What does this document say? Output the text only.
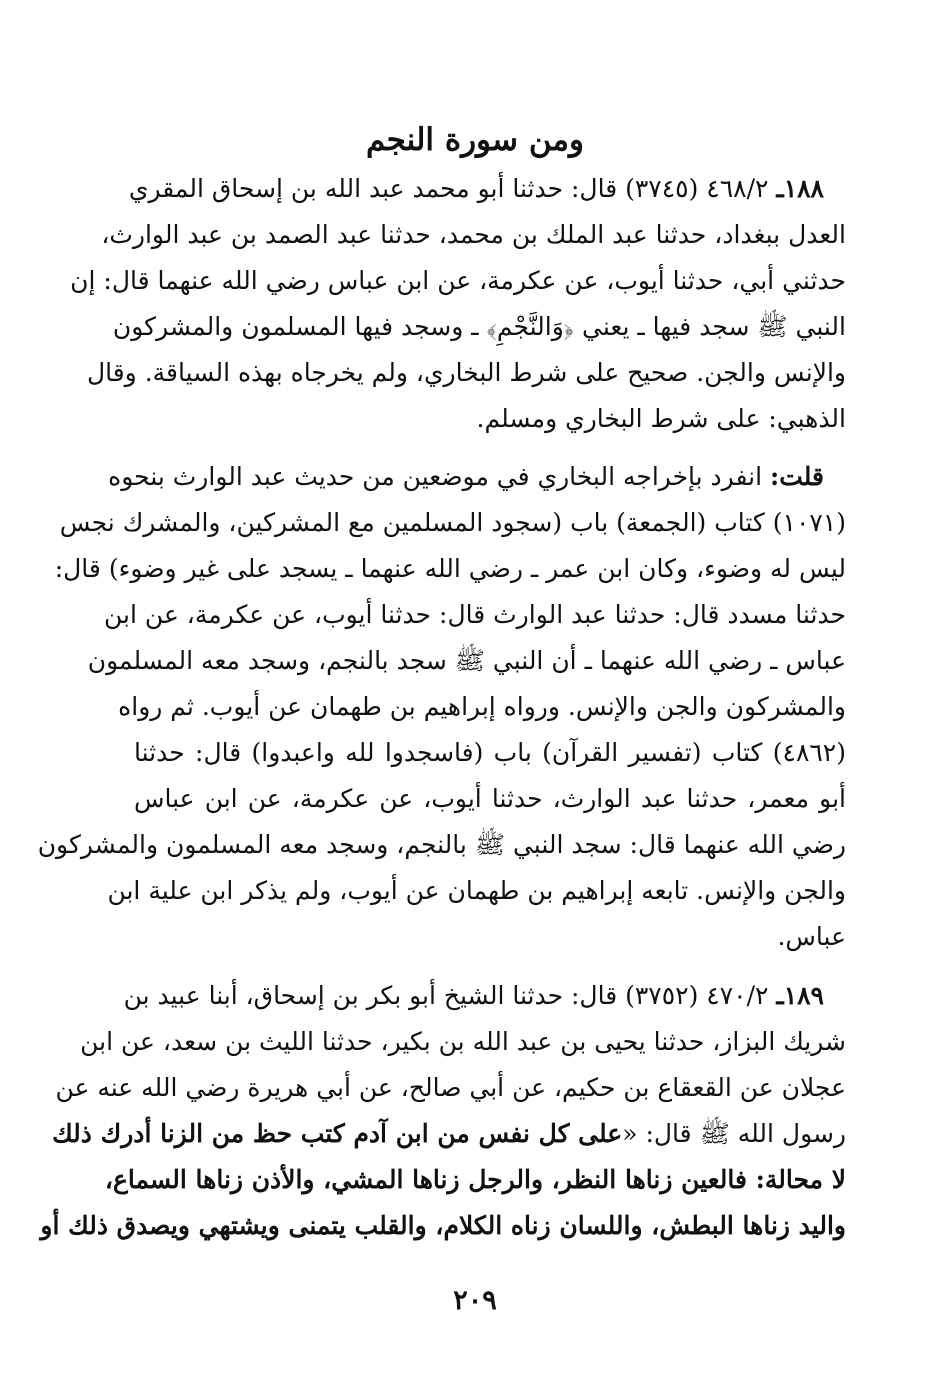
ومن سورة النجم
١٨٨ـ ٤٦٨/٢ (٣٧٤٥) قال: حدثنا أبو محمد عبد الله بن إسحاق المقري
العدل ببغداد، حدثنا عبد الملك بن محمد، حدثنا عبد الصمد بن عبد الوارث،
حدثني أبي، حدثنا أيوب، عن عكرمة، عن ابن عباس رضي الله عنهما قال: إن
النبي ﷺ سجد فيها ـ يعني ﴿وَالنَّجْمِ﴾ ـ وسجد فيها المسلمون والمشركون
والإنس والجن. صحيح على شرط البخاري، ولم يخرجاه بهذه السياقة. وقال
الذهبي: على شرط البخاري ومسلم.
قلت: انفرد بإخراجه البخاري في موضعين من حديث عبد الوارث بنحوه
(١٠٧١) كتاب (الجمعة) باب (سجود المسلمين مع المشركين، والمشرك نجس
ليس له وضوء، وكان ابن عمر ـ رضي الله عنهما ـ يسجد على غير وضوء) قال:
حدثنا مسدد قال: حدثنا عبد الوارث قال: حدثنا أيوب، عن عكرمة، عن ابن
عباس ـ رضي الله عنهما ـ أن النبي ﷺ سجد بالنجم، وسجد معه المسلمون
والمشركون والجن والإنس. ورواه إبراهيم بن طهمان عن أيوب. ثم رواه
(٤٨٦٢) كتاب (تفسير القرآن) باب (فاسجدوا لله واعبدوا) قال: حدثنا
أبو معمر، حدثنا عبد الوارث، حدثنا أيوب، عن عكرمة، عن ابن عباس
رضي الله عنهما قال: سجد النبي ﷺ بالنجم، وسجد معه المسلمون والمشركون
والجن والإنس. تابعه إبراهيم بن طهمان عن أيوب، ولم يذكر ابن علية ابن
عباس.
١٨٩ـ ٤٧٠/٢ (٣٧٥٢) قال: حدثنا الشيخ أبو بكر بن إسحاق، أبنا عبيد بن
شريك البزاز، حدثنا يحيى بن عبد الله بن بكير، حدثنا الليث بن سعد، عن ابن
عجلان عن القعقاع بن حكيم، عن أبي صالح، عن أبي هريرة رضي الله عنه عن
رسول الله ﷺ قال: «على كل نفس من ابن آدم كتب حظ من الزنا أدرك ذلك
لا محالة: فالعين زناها النظر، والرجل زناها المشي، والأذن زناها السماع،
واليد زناها البطش، واللسان زناه الكلام، والقلب يتمنى ويشتهي ويصدق ذلك أو
٢٠٩
